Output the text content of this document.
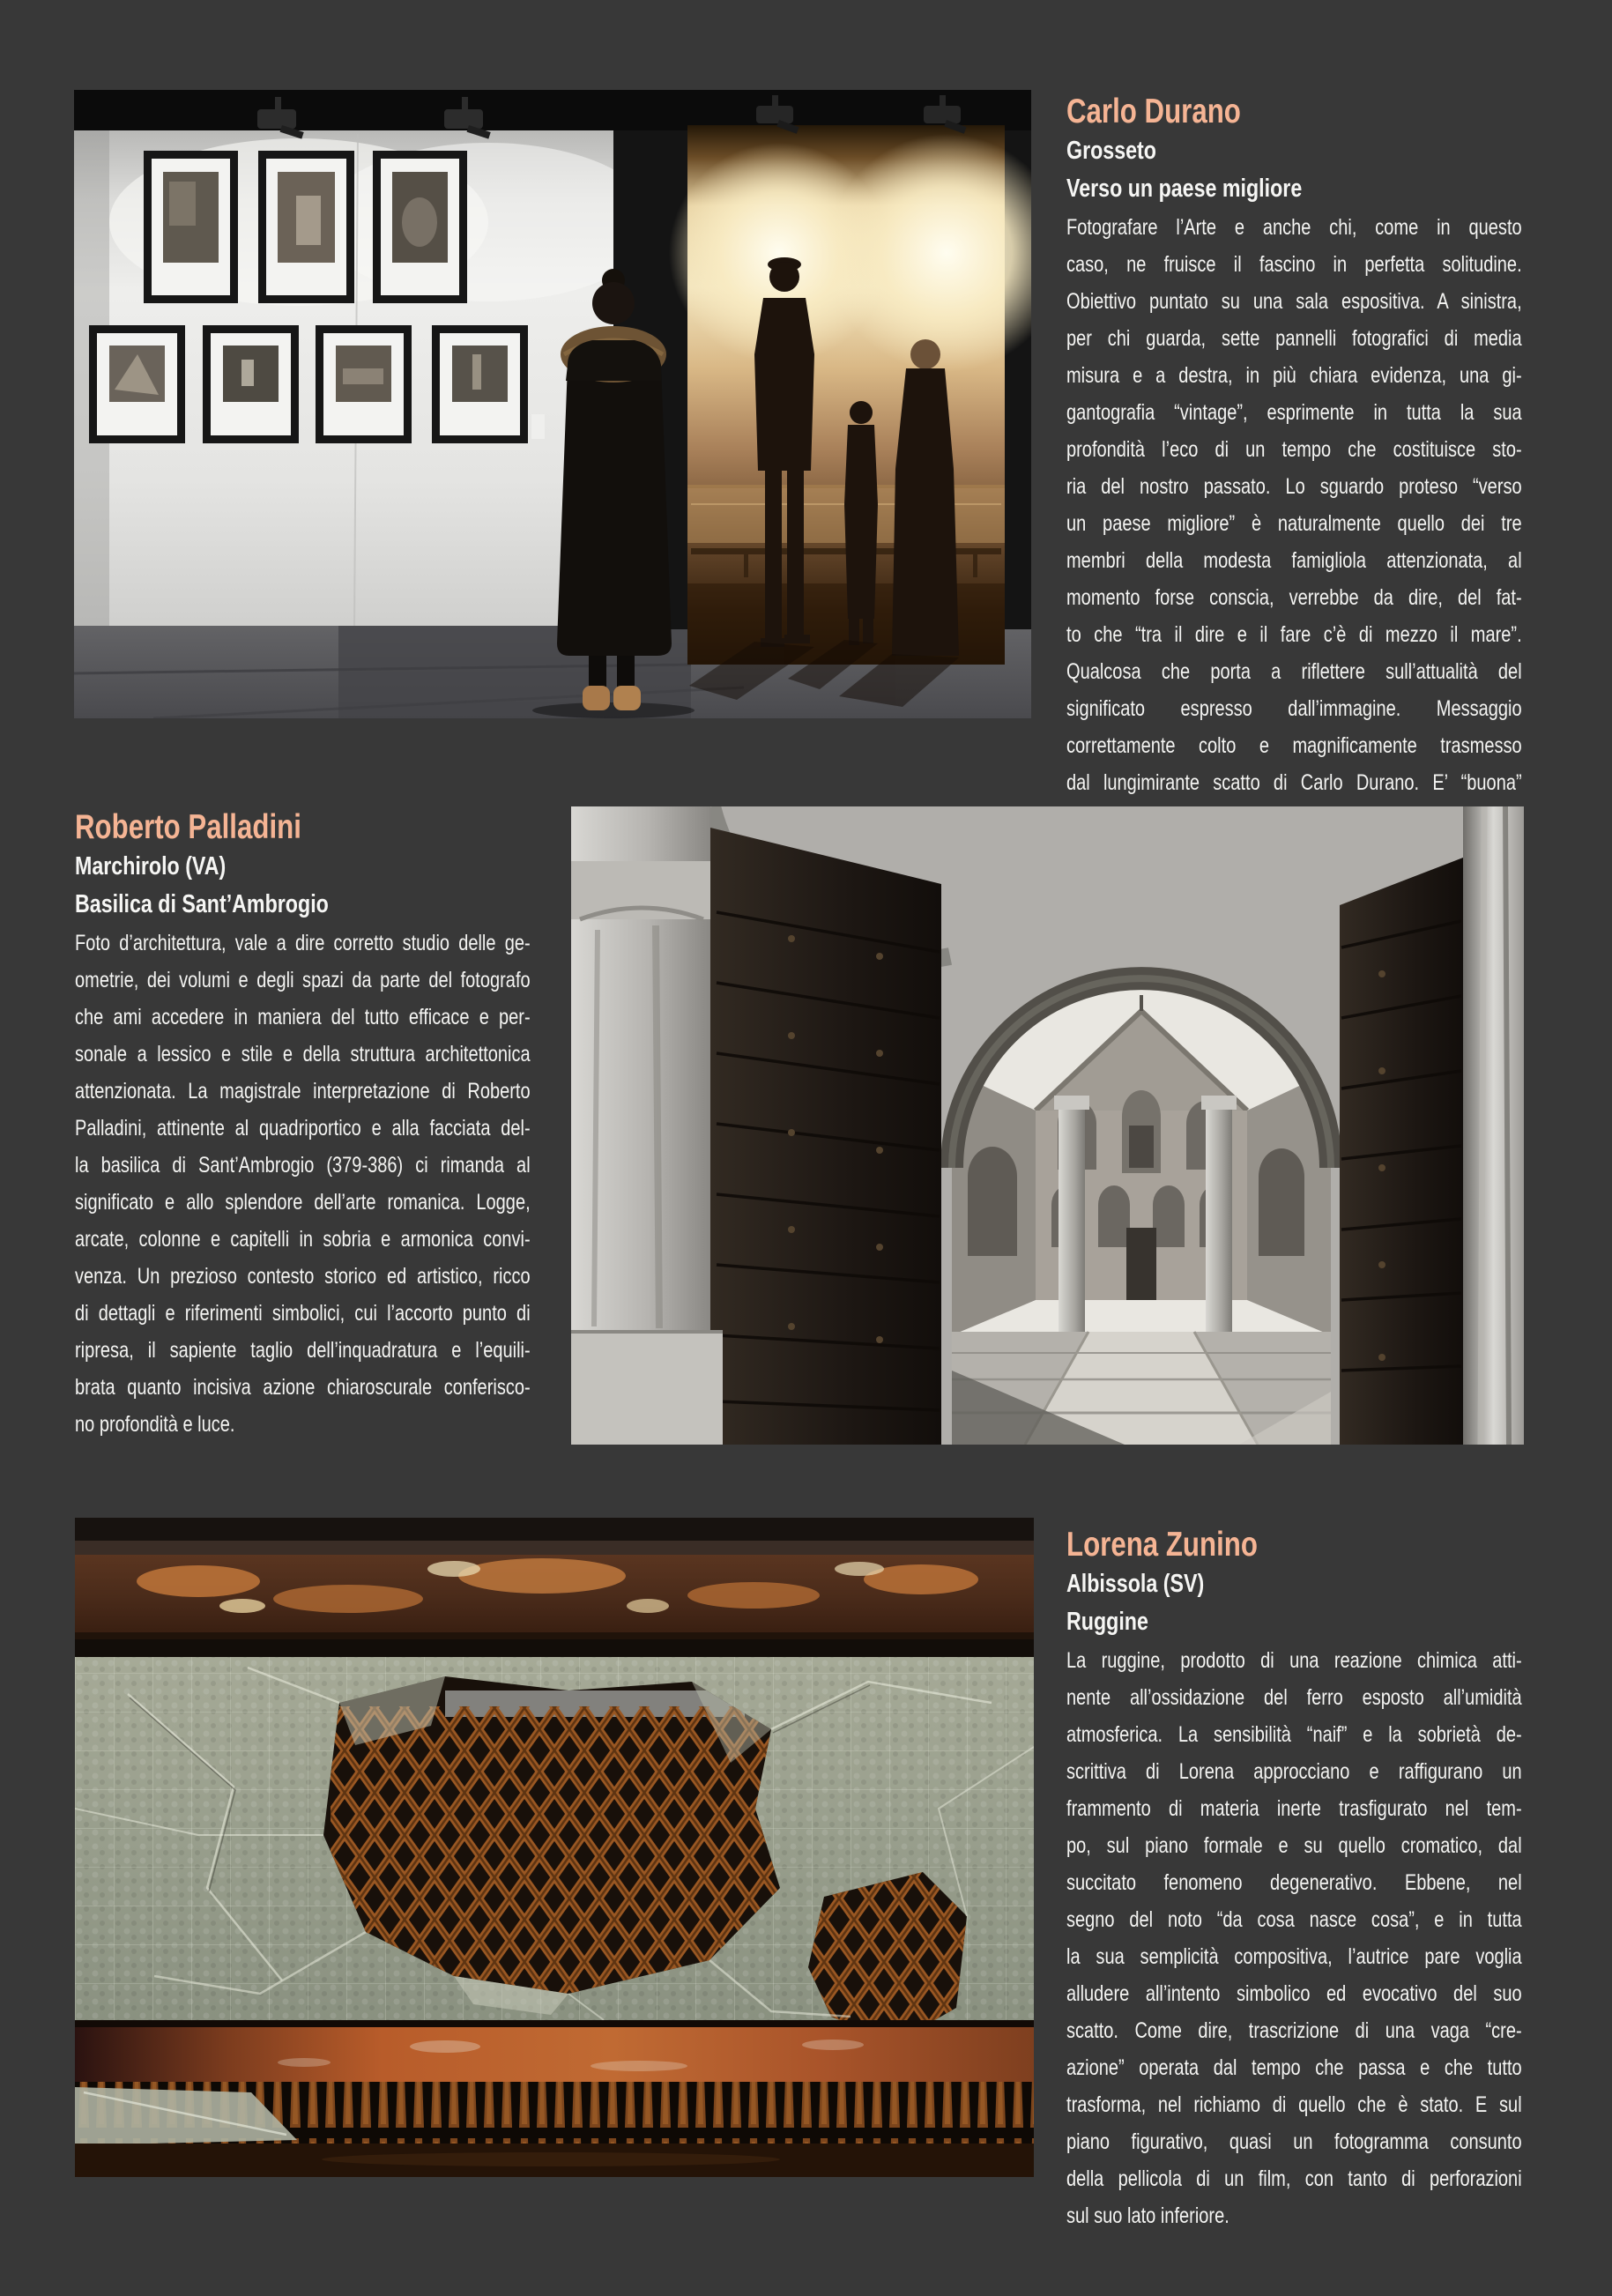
Carlo Durano
Grosseto
Verso un paese migliore
Fotografare l’Arte e anche chi, come in questo
caso, ne fruisce il fascino in perfetta solitudine.
Obiettivo puntato su una sala espositiva. A sinistra,
per chi guarda, sette pannelli fotografici di media
misura e a destra, in più chiara evidenza, una gi-
gantografia “vintage”, esprimente in tutta la sua
profondità l’eco di un tempo che costituisce sto-
ria del nostro passato. Lo sguardo proteso “verso
un paese migliore” è naturalmente quello dei tre
membri della modesta famigliola attenzionata, al
momento forse conscia, verrebbe da dire, del fat-
to che “tra il dire e il fare c’è di mezzo il mare”.
Qualcosa che porta a riflettere sull’attualità del
significato espresso dall’immagine. Messaggio
correttamente colto e magnificamente trasmesso
dal lungimirante scatto di Carlo Durano. E’ “buona”
Roberto Palladini
Marchirolo (VA)
Basilica di Sant’Ambrogio
Foto d’architettura, vale a dire corretto studio delle ge-
ometrie, dei volumi e degli spazi da parte del fotografo
che ami accedere in maniera del tutto efficace e per-
sonale a lessico e stile e della struttura architettonica
attenzionata. La magistrale interpretazione di Roberto
Palladini, attinente al quadriportico e alla facciata del-
la basilica di Sant’Ambrogio (379-386) ci rimanda al
significato e allo splendore dell’arte romanica. Logge,
arcate, colonne e capitelli in sobria e armonica convi-
venza. Un prezioso contesto storico ed artistico, ricco
di dettagli e riferimenti simbolici, cui l’accorto punto di
ripresa, il sapiente taglio dell’inquadratura e l’equili-
brata quanto incisiva azione chiaroscurale conferisco-
no profondità e luce.
Lorena Zunino
Albissola (SV)
Ruggine
La ruggine, prodotto di una reazione chimica atti-
nente all’ossidazione del ferro esposto all’umidità
atmosferica. La sensibilità “naif” e la sobrietà de-
scrittiva di Lorena approcciano e raffigurano un
frammento di materia inerte trasfigurato nel tem-
po, sul piano formale e su quello cromatico, dal
succitato fenomeno degenerativo. Ebbene, nel
segno del noto “da cosa nasce cosa”, e in tutta
la sua semplicità compositiva, l’autrice pare voglia
alludere all’intento simbolico ed evocativo del suo
scatto. Come dire, trascrizione di una vaga “cre-
azione” operata dal tempo che passa e che tutto
trasforma, nel richiamo di quello che è stato. E sul
piano figurativo, quasi un fotogramma consunto
della pellicola di un film, con tanto di perforazioni
sul suo lato inferiore.
